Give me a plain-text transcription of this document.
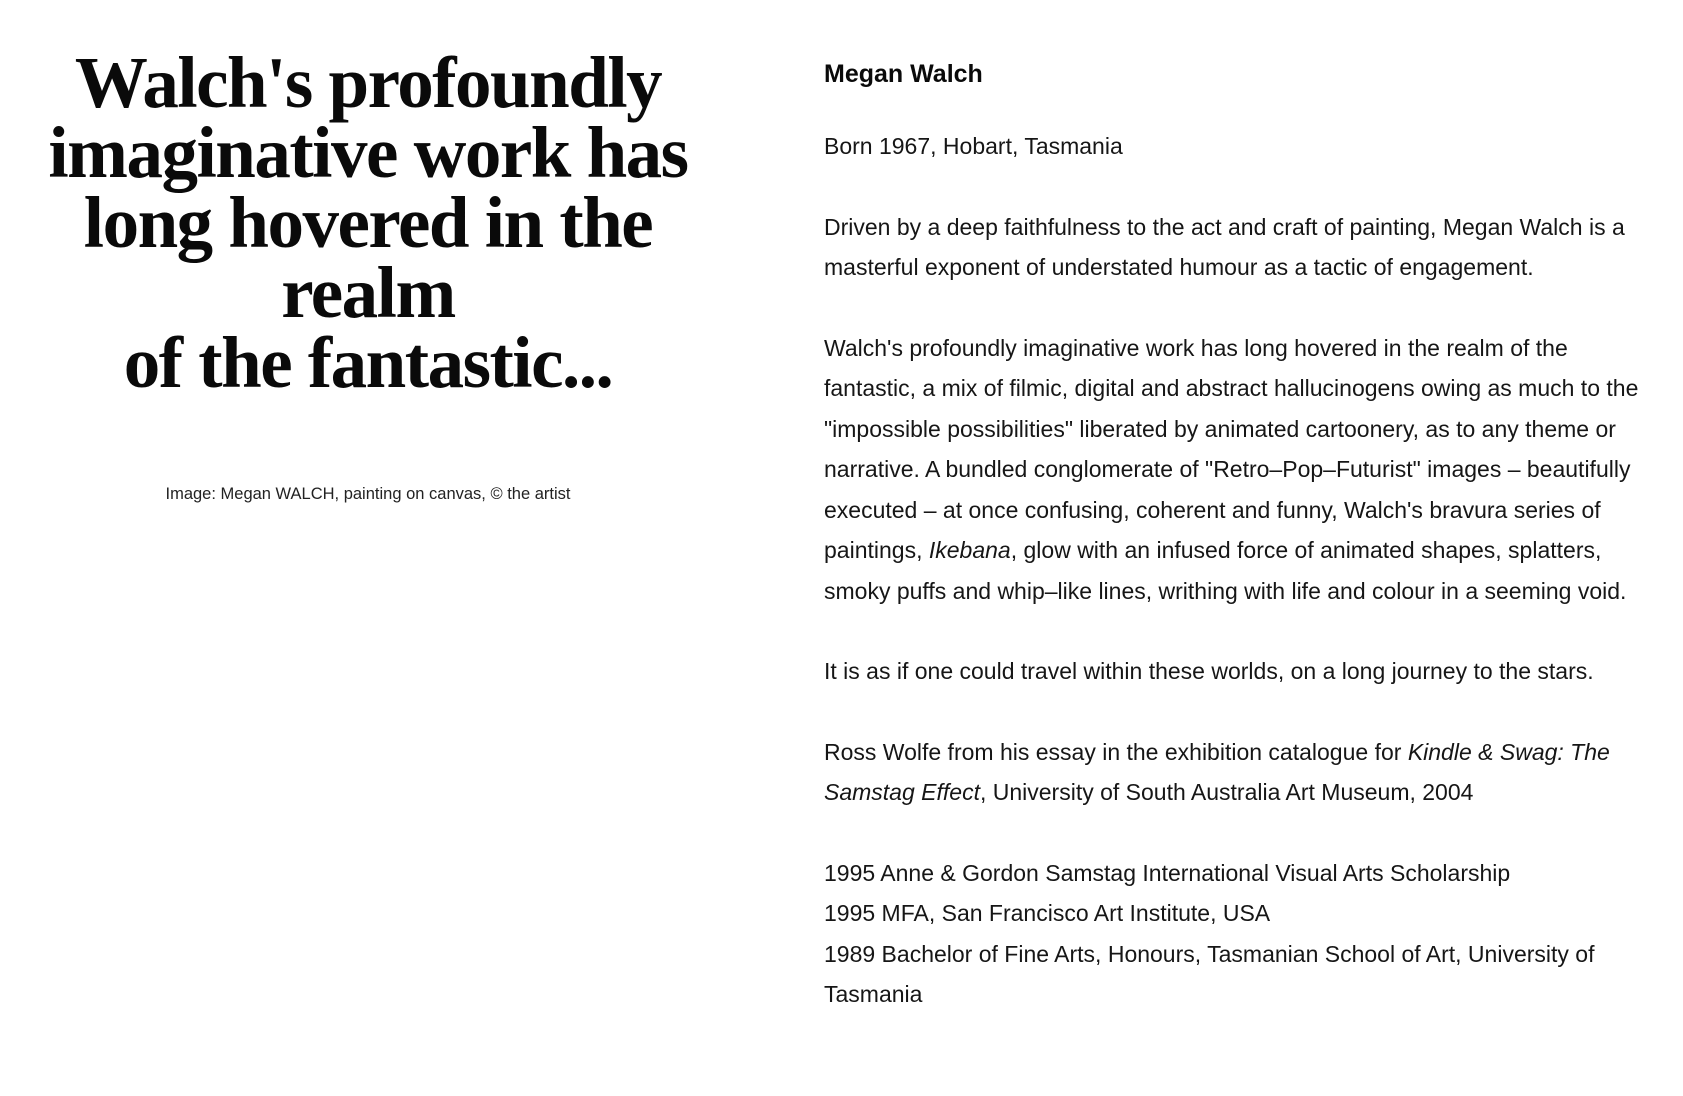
Walch's profoundly
imaginative work has
long hovered in the realm
of the fantastic...

Image: Megan WALCH, painting on canvas, © the artist

Megan Walch

Born 1967, Hobart, Tasmania

Driven by a deep faithfulness to the act and craft of painting, Megan Walch is a masterful exponent of understated humour as a tactic of engagement.

Walch's profoundly imaginative work has long hovered in the realm of the fantastic, a mix of filmic, digital and abstract hallucinogens owing as much to the "impossible possibilities" liberated by animated cartoonery, as to any theme or narrative. A bundled conglomerate of "Retro–Pop–Futurist" images – beautifully executed – at once confusing, coherent and funny, Walch's bravura series of paintings, Ikebana, glow with an infused force of animated shapes, splatters, smoky puffs and whip–like lines, writhing with life and colour in a seeming void.

It is as if one could travel within these worlds, on a long journey to the stars.

Ross Wolfe from his essay in the exhibition catalogue for Kindle & Swag: The Samstag Effect, University of South Australia Art Museum, 2004

1995 Anne & Gordon Samstag International Visual Arts Scholarship
1995 MFA, San Francisco Art Institute, USA
1989 Bachelor of Fine Arts, Honours, Tasmanian School of Art, University of Tasmania
